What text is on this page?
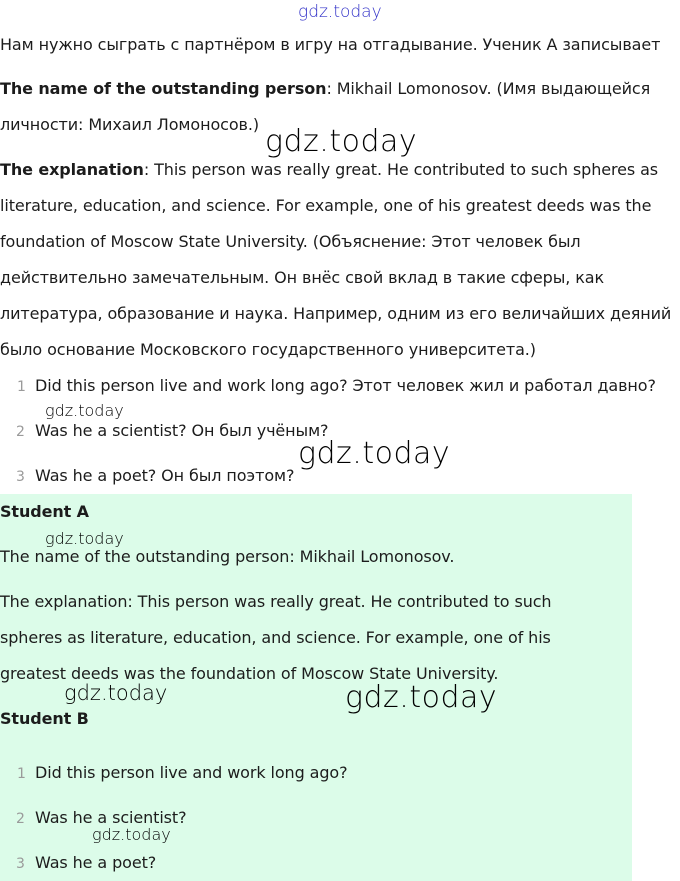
gdz.today
gdz.today
gdz.today
gdz.today
gdz.today
gdz.today	gdz.today
gdz.today
Нам нужно сыграть с партнёром в игру на отгадывание. Ученик А записывает
The name of the outstanding person: Mikhail Lomonosov. (Имя выдающейся
личности: Михаил Ломоносов.)
The explanation: This person was really great. He contributed to such spheres as
literature, education, and science. For example, one of his greatest deeds was the
foundation of Moscow State University. (Объяснение: Этот человек был
действительно замечательным. Он внёс свой вклад в такие сферы, как
литература, образование и наука. Например, одним из его величайших деяний
было основание Московского государственного университета.)
1 Did this person live and work long ago? Этот человек жил и работал давно?
2 Was he a scientist? Он был учёным?
3 Was he a poet? Он был поэтом?
Student A
The name of the outstanding person: Mikhail Lomonosov.
The explanation: This person was really great. He contributed to such
spheres as literature, education, and science. For example, one of his
greatest deeds was the foundation of Moscow State University.
Student B
1 Did this person live and work long ago?
2 Was he a scientist?
3 Was he a poet?
